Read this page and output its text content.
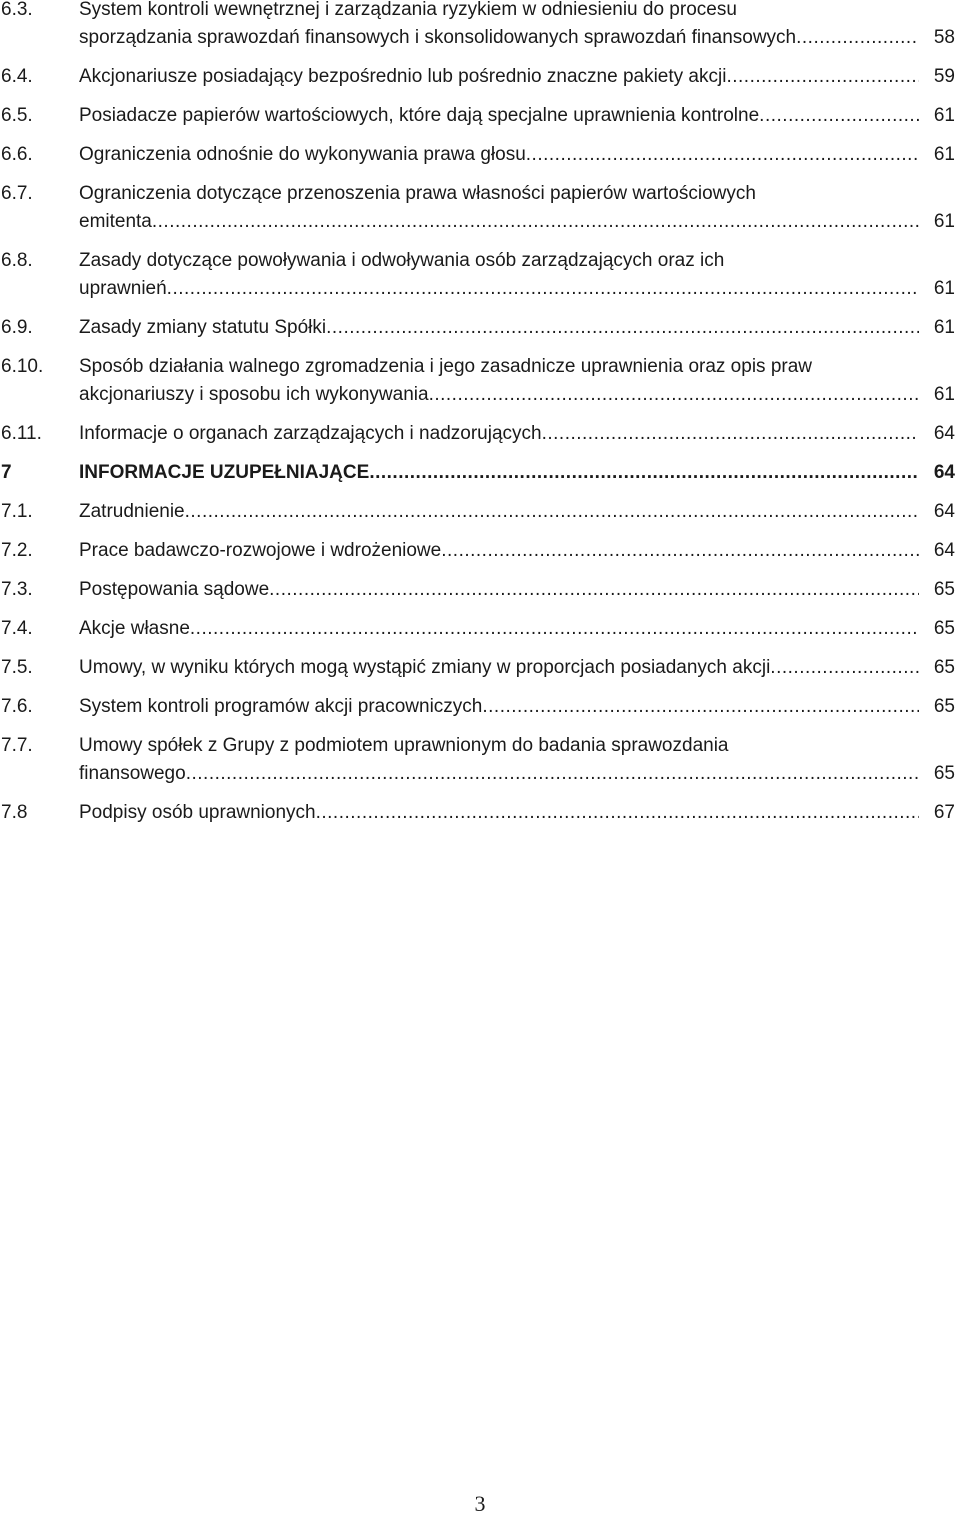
6.3. System kontroli wewnętrznej i zarządzania ryzykiem w odniesieniu do procesu
sporządzania sprawozdań finansowych i skonsolidowanych sprawozdań finansowych .....	58
6.4. Akcjonariusze posiadający bezpośrednio lub pośrednio znaczne pakiety akcji .....	59
6.5. Posiadacze papierów wartościowych, które dają specjalne uprawnienia kontrolne .....	61
6.6. Ograniczenia odnośnie do wykonywania prawa głosu .....	61
6.7. Ograniczenia dotyczące przenoszenia prawa własności papierów wartościowych
emitenta .....	61
6.8. Zasady dotyczące powoływania i odwoływania osób zarządzających oraz ich
uprawnień .....	61
6.9. Zasady zmiany statutu Spółki .....	61
6.10. Sposób działania walnego zgromadzenia i jego zasadnicze uprawnienia oraz opis praw
akcjonariuszy i sposobu ich wykonywania .....	61
6.11. Informacje o organach zarządzających i nadzorujących .....	64
7	INFORMACJE UZUPEŁNIAJĄCE .....	64
7.1. Zatrudnienie .....	64
7.2. Prace badawczo-rozwojowe i wdrożeniowe .....	64
7.3. Postępowania sądowe .....	65
7.4. Akcje własne .....	65
7.5. Umowy, w wyniku których mogą wystąpić zmiany w proporcjach posiadanych akcji .....	65
7.6. System kontroli programów akcji pracowniczych .....	65
7.7. Umowy spółek z Grupy z podmiotem uprawnionym do badania sprawozdania
finansowego .....	65
7.8	Podpisy osób uprawnionych .....	67
3
